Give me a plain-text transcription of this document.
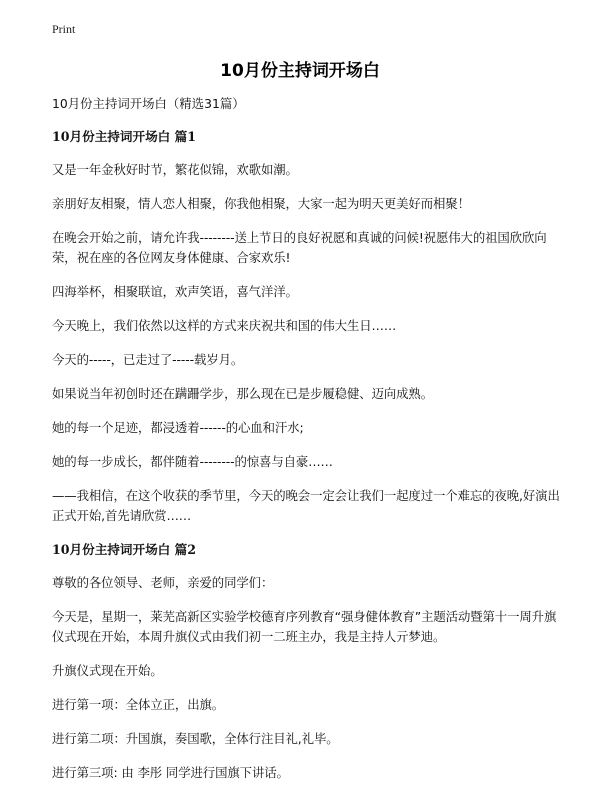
Print
10月份主持词开场白

10月份主持词开场白（精选31篇）

10月份主持词开场白 篇1

又是一年金秋好时节，繁花似锦，欢歌如潮。

亲朋好友相聚，情人恋人相聚，你我他相聚，大家一起为明天更美好而相聚！

在晚会开始之前，请允许我--------送上节日的良好祝愿和真诚的问候!祝愿伟大的祖国欣欣向荣，祝在座的各位网友身体健康、合家欢乐!

四海举杯，相聚联谊，欢声笑语，喜气洋洋。

今天晚上，我们依然以这样的方式来庆祝共和国的伟大生日……

今天的-----，已走过了-----载岁月。

如果说当年初创时还在蹒跚学步，那么现在已是步履稳健、迈向成熟。

她的每一个足迹，都浸透着------的心血和汗水;

她的每一步成长，都伴随着--------的惊喜与自豪……

——我相信，在这个收获的季节里，今天的晚会一定会让我们一起度过一个难忘的夜晚,好演出正式开始,首先请欣赏……

10月份主持词开场白 篇2

尊敬的各位领导、老师，亲爱的同学们：

今天是，星期一，莱芜高新区实验学校德育序列教育“强身健体教育”主题活动暨第十一周升旗仪式现在开始，本周升旗仪式由我们初一二班主办，我是主持人亓梦迪。

升旗仪式现在开始。

进行第一项：全体立正，出旗。

进行第二项：升国旗，奏国歌，全体行注目礼,礼毕。

进行第三项: 由 李彤 同学进行国旗下讲话。
